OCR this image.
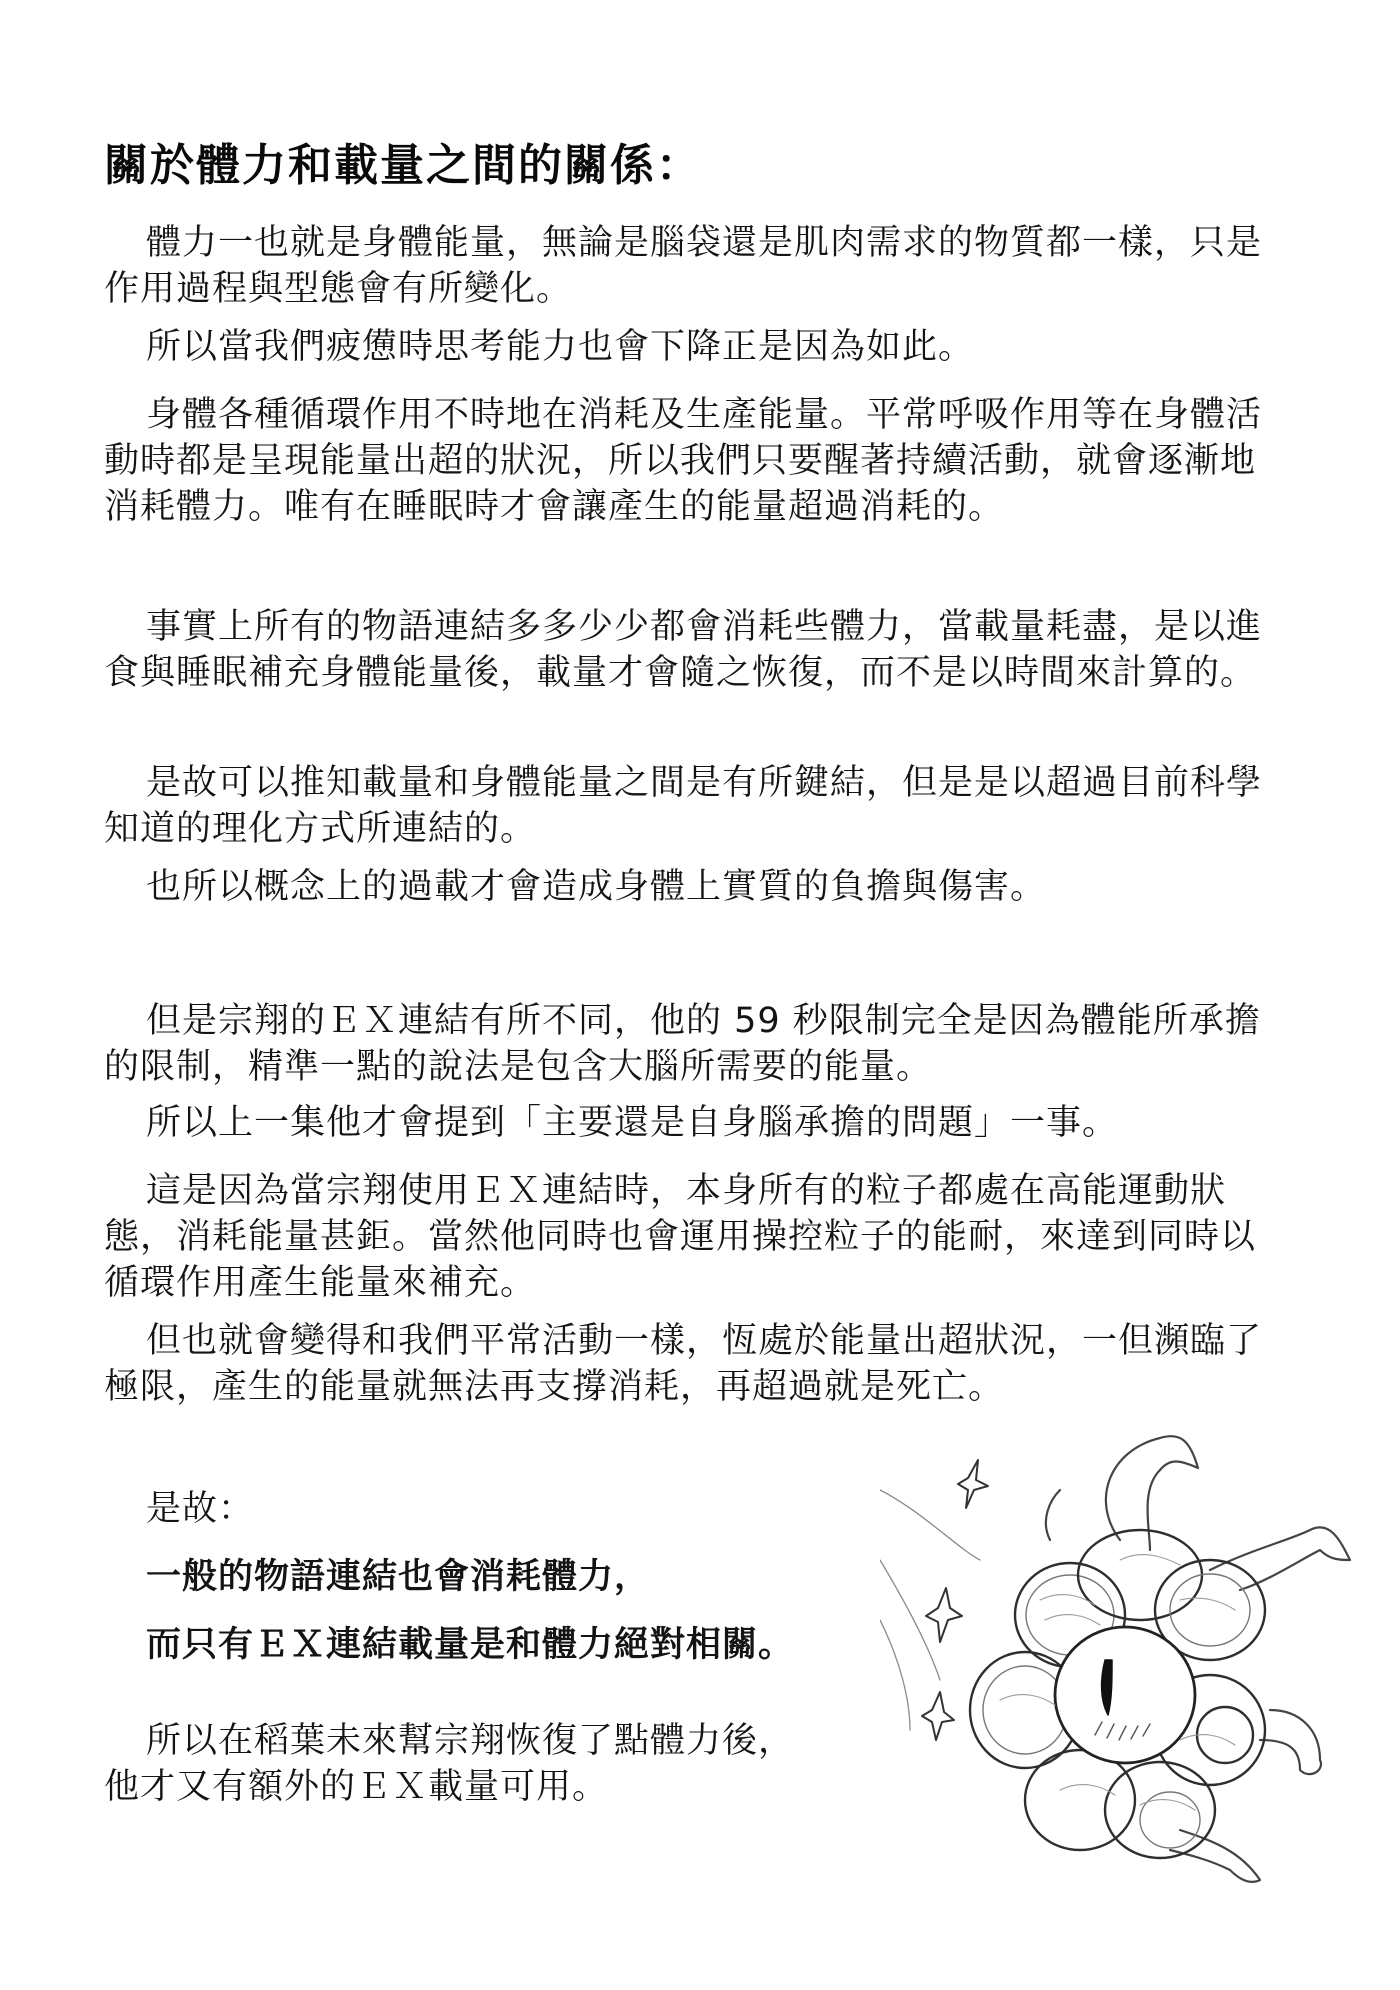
關於體力和載量之間的關係：

體力一也就是身體能量，無論是腦袋還是肌肉需求的物質都一樣，只是作用過程與型態會有所變化。

所以當我們疲憊時思考能力也會下降正是因為如此。

身體各種循環作用不時地在消耗及生產能量。平常呼吸作用等在身體活動時都是呈現能量出超的狀況，所以我們只要醒著持續活動，就會逐漸地消耗體力。唯有在睡眠時才會讓產生的能量超過消耗的。

事實上所有的物語連結多多少少都會消耗些體力，當載量耗盡，是以進食與睡眠補充身體能量後，載量才會隨之恢復，而不是以時間來計算的。

是故可以推知載量和身體能量之間是有所鍵結，但是是以超過目前科學知道的理化方式所連結的。

也所以概念上的過載才會造成身體上實質的負擔與傷害。

但是宗翔的ＥＸ連結有所不同，他的 59 秒限制完全是因為體能所承擔的限制，精準一點的說法是包含大腦所需要的能量。

所以上一集他才會提到「主要還是自身腦承擔的問題」一事。

這是因為當宗翔使用ＥＸ連結時，本身所有的粒子都處在高能運動狀態，消耗能量甚鉅。當然他同時也會運用操控粒子的能耐，來達到同時以循環作用產生能量來補充。

但也就會變得和我們平常活動一樣，恆處於能量出超狀況，一但瀕臨了極限，產生的能量就無法再支撐消耗，再超過就是死亡。

是故：

一般的物語連結也會消耗體力，

而只有ＥＸ連結載量是和體力絕對相關。

所以在稻葉未來幫宗翔恢復了點體力後，他才又有額外的ＥＸ載量可用。
